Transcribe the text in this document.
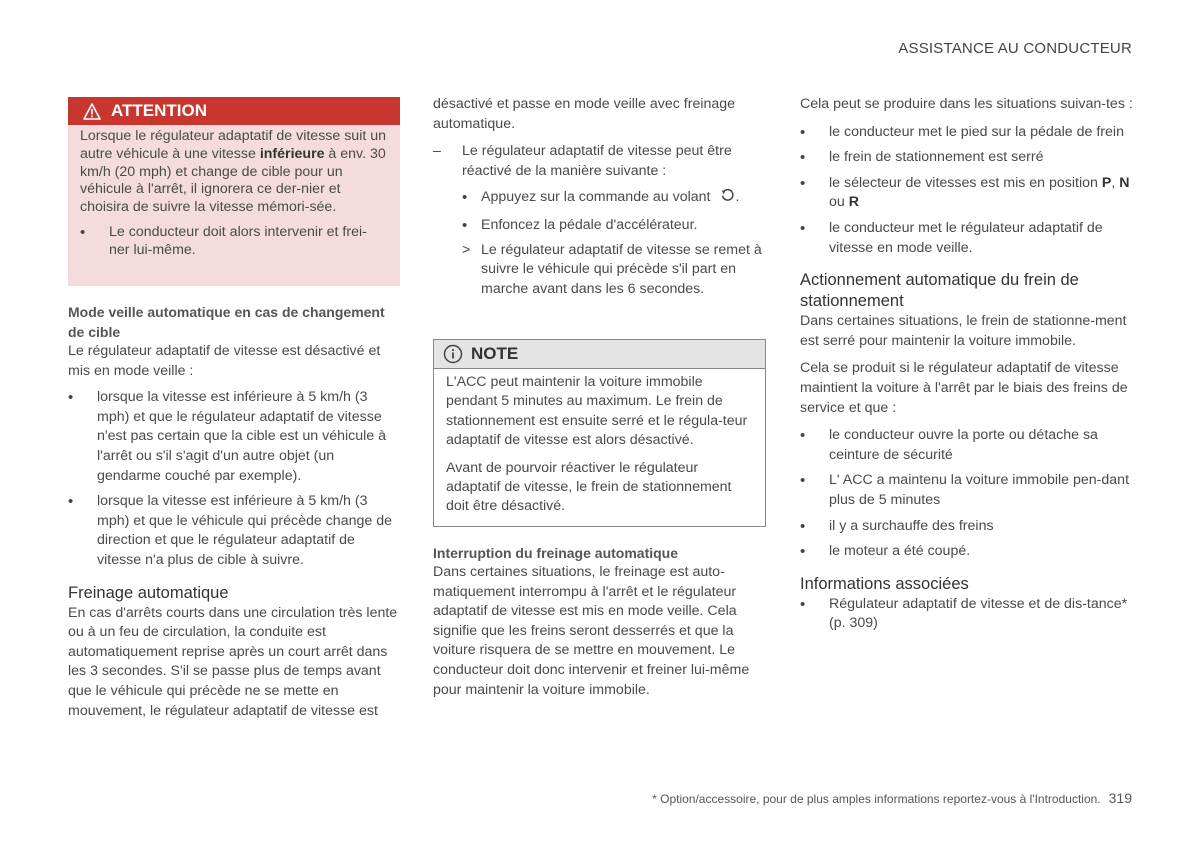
ASSISTANCE AU CONDUCTEUR
ATTENTION

Lorsque le régulateur adaptatif de vitesse suit un autre véhicule à une vitesse inférieure à env. 30 km/h (20 mph) et change de cible pour un véhicule à l'arrêt, il ignorera ce der-nier et choisira de suivre la vitesse mémori-sée.

• Le conducteur doit alors intervenir et frei-ner lui-même.

Mode veille automatique en cas de changement de cible

Le régulateur adaptatif de vitesse est désactivé et mis en mode veille :

• lorsque la vitesse est inférieure à 5 km/h (3 mph) et que le régulateur adaptatif de vitesse n'est pas certain que la cible est un véhicule à l'arrêt ou s'il s'agit d'un autre objet (un gendarme couché par exemple).

• lorsque la vitesse est inférieure à 5 km/h (3 mph) et que le véhicule qui précède change de direction et que le régulateur adaptatif de vitesse n'a plus de cible à suivre.

Freinage automatique

En cas d'arrêts courts dans une circulation très lente ou à un feu de circulation, la conduite est automatiquement reprise après un court arrêt dans les 3 secondes. S'il se passe plus de temps avant que le véhicule qui précède ne se mette en mouvement, le régulateur adaptatif de vitesse est

désactivé et passe en mode veille avec freinage automatique.

– Le régulateur adaptatif de vitesse peut être réactivé de la manière suivante :

• Appuyez sur la commande au volant .

• Enfoncez la pédale d'accélérateur.

> Le régulateur adaptatif de vitesse se remet à suivre le véhicule qui précède s'il part en marche avant dans les 6 secondes.

NOTE

L'ACC peut maintenir la voiture immobile pendant 5 minutes au maximum. Le frein de stationnement est ensuite serré et le régula-teur adaptatif de vitesse est alors désactivé.

Avant de pourvoir réactiver le régulateur adaptatif de vitesse, le frein de stationnement doit être désactivé.

Interruption du freinage automatique

Dans certaines situations, le freinage est auto-matiquement interrompu à l'arrêt et le régulateur adaptatif de vitesse est mis en mode veille. Cela signifie que les freins seront desserrés et que la voiture risquera de se mettre en mouvement. Le conducteur doit donc intervenir et freiner lui-même pour maintenir la voiture immobile.

Cela peut se produire dans les situations suivan-tes :

• le conducteur met le pied sur la pédale de frein

• le frein de stationnement est serré

• le sélecteur de vitesses est mis en position P, N ou R

• le conducteur met le régulateur adaptatif de vitesse en mode veille.

Actionnement automatique du frein de stationnement

Dans certaines situations, le frein de stationne-ment est serré pour maintenir la voiture immobile.

Cela se produit si le régulateur adaptatif de vitesse maintient la voiture à l'arrêt par le biais des freins de service et que :

• le conducteur ouvre la porte ou détache sa ceinture de sécurité

• L' ACC a maintenu la voiture immobile pen-dant plus de 5 minutes

• il y a surchauffe des freins

• le moteur a été coupé.

Informations associées

• Régulateur adaptatif de vitesse et de dis-tance* (p. 309)

* Option/accessoire, pour de plus amples informations reportez-vous à l'Introduction. 319
